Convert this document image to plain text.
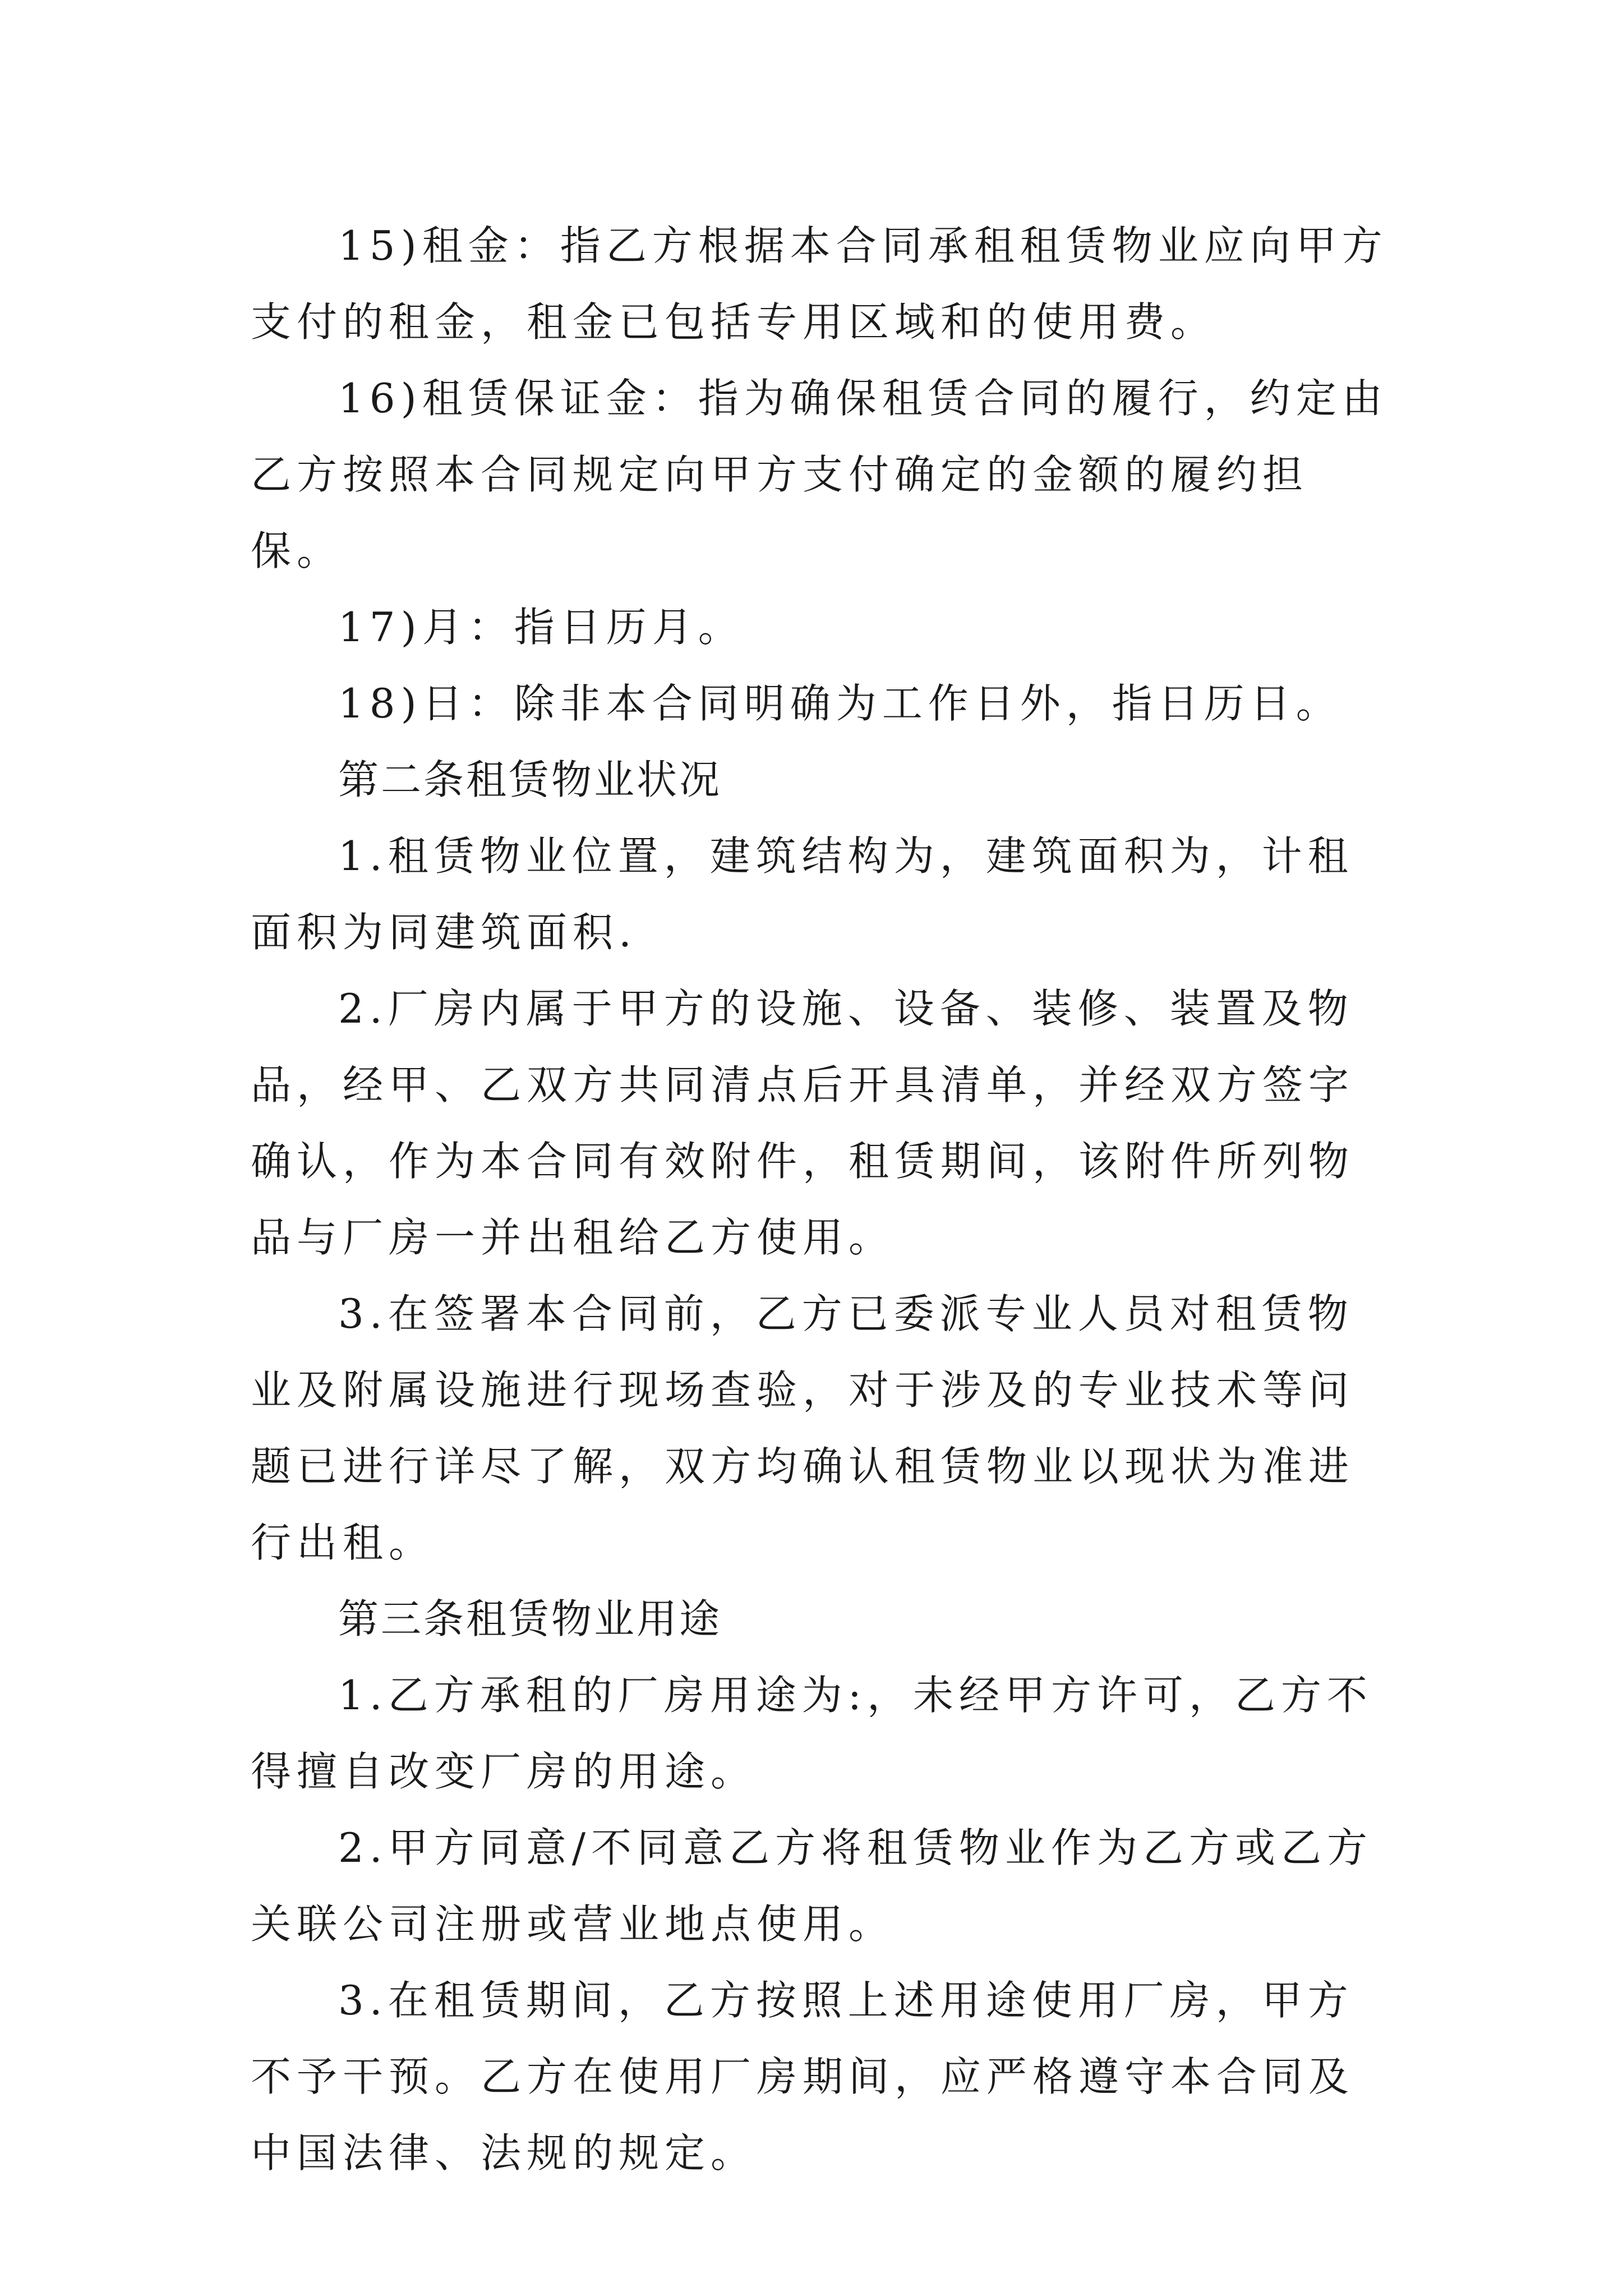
15)租金：指乙方根据本合同承租租赁物业应向甲方支付的租金，租金已包括专用区域和的使用费。

16)租赁保证金：指为确保租赁合同的履行，约定由乙方按照本合同规定向甲方支付确定的金额的履约担保。

17)月：指日历月。

18)日：除非本合同明确为工作日外，指日历日。

第二条租赁物业状况

1.租赁物业位置，建筑结构为，建筑面积为，计租面积为同建筑面积.

2.厂房内属于甲方的设施、设备、装修、装置及物品，经甲、乙双方共同清点后开具清单，并经双方签字确认，作为本合同有效附件，租赁期间，该附件所列物品与厂房一并出租给乙方使用。

3.在签署本合同前，乙方已委派专业人员对租赁物业及附属设施进行现场查验，对于涉及的专业技术等问题已进行详尽了解，双方均确认租赁物业以现状为准进行出租。

第三条租赁物业用途

1.乙方承租的厂房用途为:，未经甲方许可，乙方不得擅自改变厂房的用途。

2.甲方同意/不同意乙方将租赁物业作为乙方或乙方关联公司注册或营业地点使用。

3.在租赁期间，乙方按照上述用途使用厂房，甲方不予干预。乙方在使用厂房期间，应严格遵守本合同及中国法律、法规的规定。
